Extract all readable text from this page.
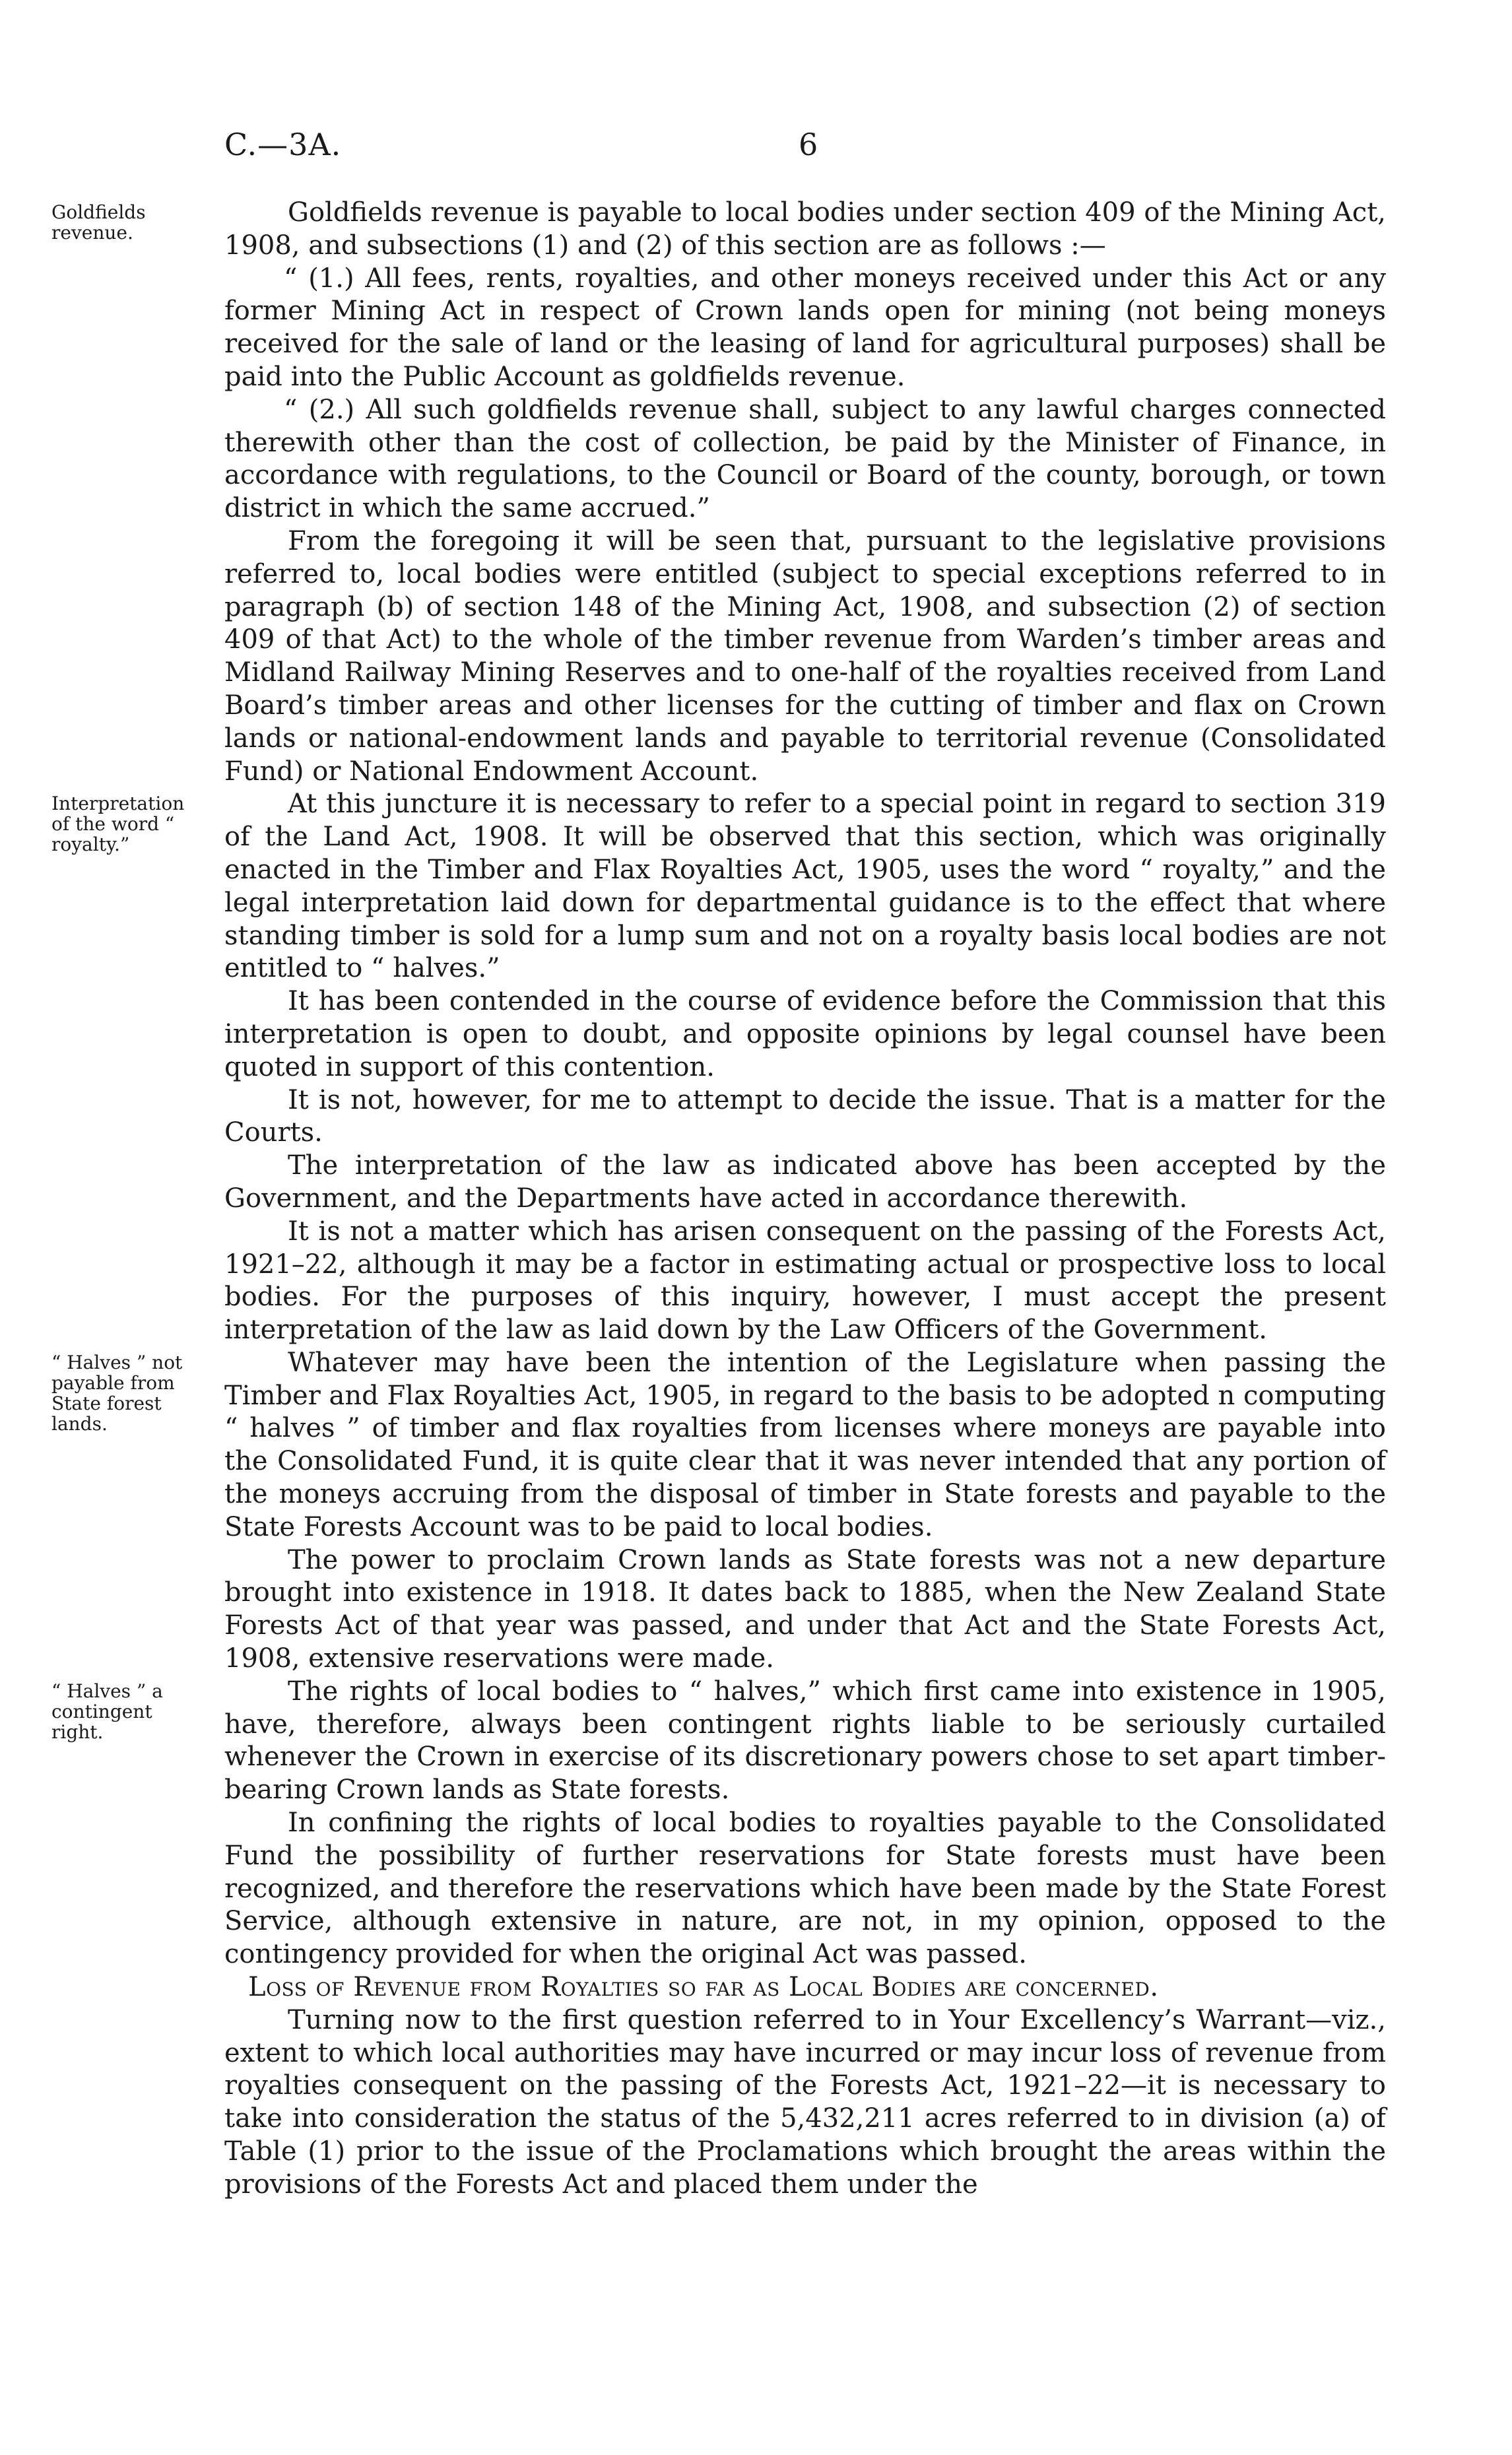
C.—3A.	6

Goldfields revenue.
Goldfields revenue is payable to local bodies under section 409 of the Mining Act, 1908, and subsections (1) and (2) of this section are as follows :—

“ (1.) All fees, rents, royalties, and other moneys received under this Act or any former Mining Act in respect of Crown lands open for mining (not being moneys received for the sale of land or the leasing of land for agricultural purposes) shall be paid into the Public Account as goldfields revenue.

“ (2.) All such goldfields revenue shall, subject to any lawful charges connected therewith other than the cost of collection, be paid by the Minister of Finance, in accordance with regulations, to the Council or Board of the county, borough, or town district in which the same accrued.”

From the foregoing it will be seen that, pursuant to the legislative provisions referred to, local bodies were entitled (subject to special exceptions referred to in paragraph (b) of section 148 of the Mining Act, 1908, and subsection (2) of section 409 of that Act) to the whole of the timber revenue from Warden’s timber areas and Midland Railway Mining Reserves and to one-half of the royalties received from Land Board’s timber areas and other licenses for the cutting of timber and flax on Crown lands or national-endowment lands and payable to territorial revenue (Consolidated Fund) or National Endowment Account.

Interpretation of the word “ royalty.”
At this juncture it is necessary to refer to a special point in regard to section 319 of the Land Act, 1908. It will be observed that this section, which was originally enacted in the Timber and Flax Royalties Act, 1905, uses the word “ royalty,” and the legal interpretation laid down for departmental guidance is to the effect that where standing timber is sold for a lump sum and not on a royalty basis local bodies are not entitled to “ halves.”

It has been contended in the course of evidence before the Commission that this interpretation is open to doubt, and opposite opinions by legal counsel have been quoted in support of this contention.

It is not, however, for me to attempt to decide the issue. That is a matter for the Courts.

The interpretation of the law as indicated above has been accepted by the Government, and the Departments have acted in accordance therewith.

It is not a matter which has arisen consequent on the passing of the Forests Act, 1921–22, although it may be a factor in estimating actual or prospective loss to local bodies. For the purposes of this inquiry, however, I must accept the present interpretation of the law as laid down by the Law Officers of the Government.

“ Halves ” not payable from State forest lands.
Whatever may have been the intention of the Legislature when passing the Timber and Flax Royalties Act, 1905, in regard to the basis to be adopted n computing “ halves ” of timber and flax royalties from licenses where moneys are payable into the Consolidated Fund, it is quite clear that it was never intended that any portion of the moneys accruing from the disposal of timber in State forests and payable to the State Forests Account was to be paid to local bodies.

The power to proclaim Crown lands as State forests was not a new departure brought into existence in 1918. It dates back to 1885, when the New Zealand State Forests Act of that year was passed, and under that Act and the State Forests Act, 1908, extensive reservations were made.

“ Halves ” a contingent right.
The rights of local bodies to “ halves,” which first came into existence in 1905, have, therefore, always been contingent rights liable to be seriously curtailed whenever the Crown in exercise of its discretionary powers chose to set apart timber-bearing Crown lands as State forests.

In confining the rights of local bodies to royalties payable to the Consolidated Fund the possibility of further reservations for State forests must have been recognized, and therefore the reservations which have been made by the State Forest Service, although extensive in nature, are not, in my opinion, opposed to the contingency provided for when the original Act was passed.

Loss of Revenue from Royalties so far as Local Bodies are concerned.

Turning now to the first question referred to in Your Excellency’s Warrant—viz., extent to which local authorities may have incurred or may incur loss of revenue from royalties consequent on the passing of the Forests Act, 1921–22—it is necessary to take into consideration the status of the 5,432,211 acres referred to in division (a) of Table (1) prior to the issue of the Proclamations which brought the areas within the provisions of the Forests Act and placed them under the
